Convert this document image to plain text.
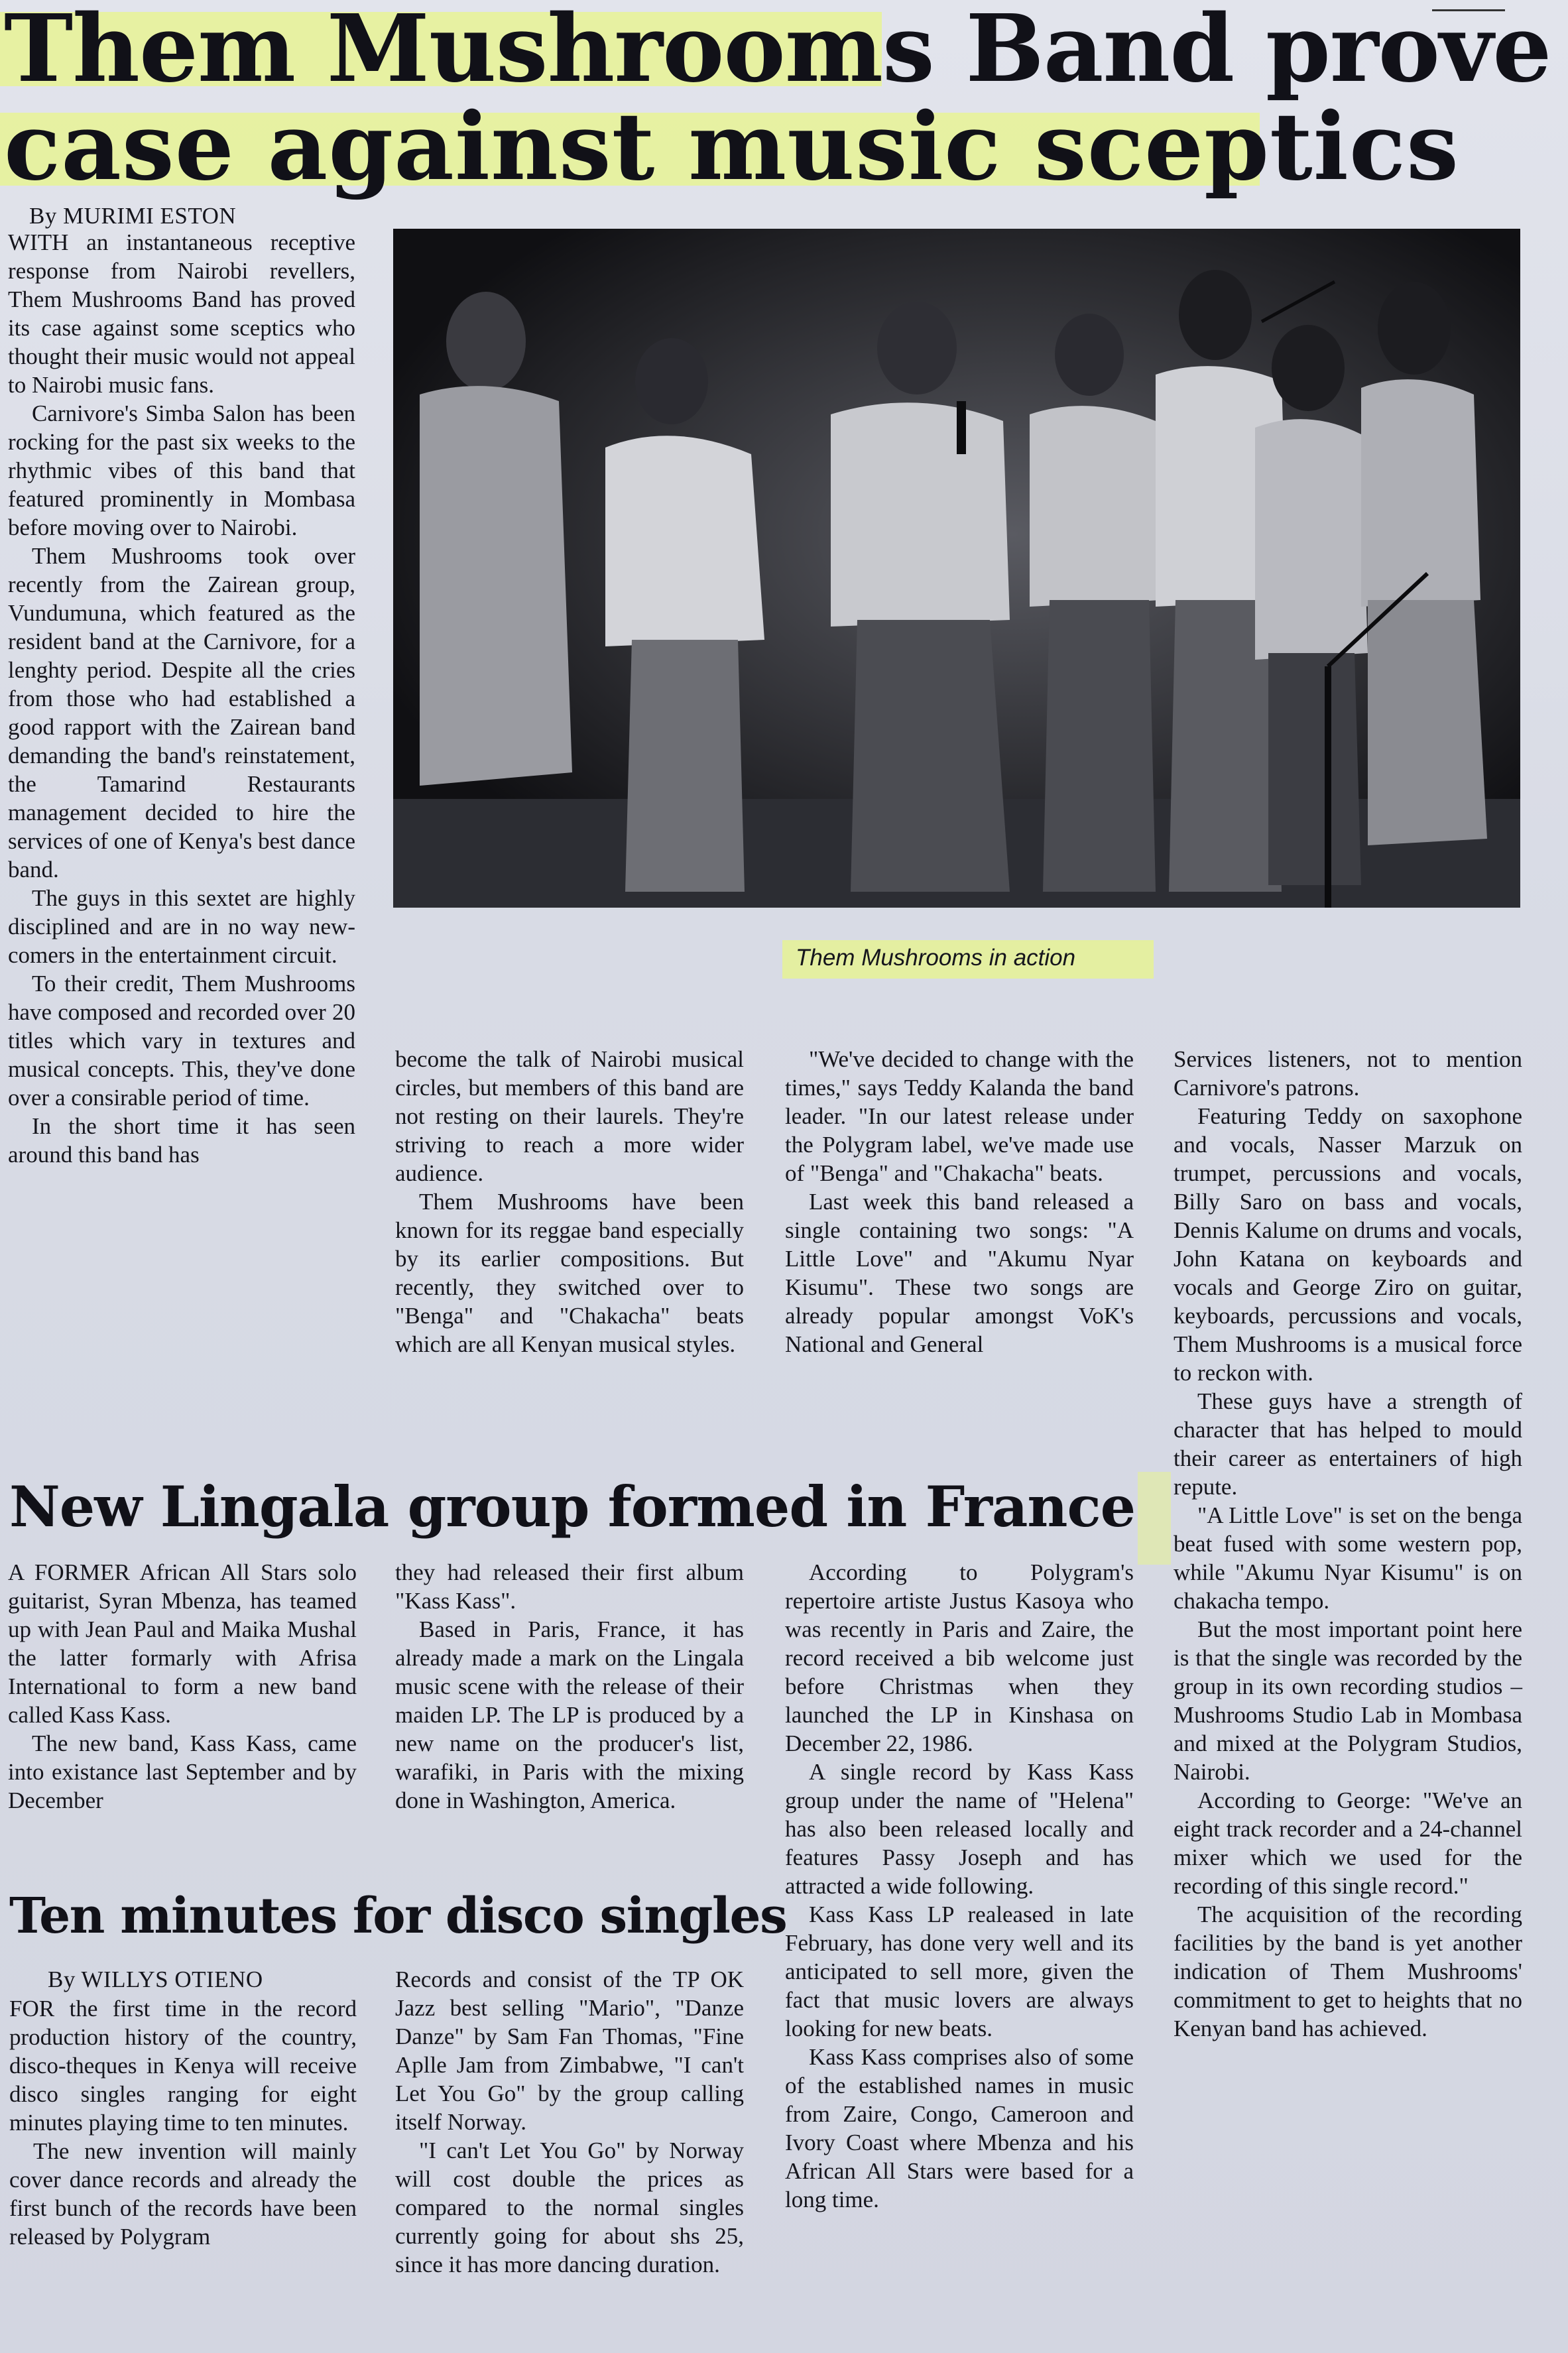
Them Mushrooms Band prove
case against music sceptics
By MURIMI ESTON

WITH an instantaneous receptive response from Nairobi revellers, Them Mushrooms Band has proved its case against some sceptics who thought their music would not appeal to Nairobi music fans.

Carnivore's Simba Salon has been rocking for the past six weeks to the rhythmic vibes of this band that featured prominently in Mombasa before moving over to Nairobi.

Them Mushrooms took over recently from the Zairean group, Vundumuna, which featured as the resident band at the Carnivore, for a lenghty period. Despite all the cries from those who had established a good rapport with the Zairean band demanding the band's reinstatement, the Tamarind Restaurants management decided to hire the services of one of Kenya's best dance band.

The guys in this sextet are highly disciplined and are in no way new-comers in the entertainment circuit.

To their credit, Them Mushrooms have composed and recorded over 20 titles which vary in textures and musical concepts. This, they've done over a consirable period of time.

In the short time it has seen around this band has

Them Mushrooms in action

become the talk of Nairobi musical circles, but members of this band are not resting on their laurels. They're striving to reach a more wider audience.

Them Mushrooms have been known for its reggae band especially by its earlier compositions. But recently, they switched over to "Benga" and "Chakacha" beats which are all Kenyan musical styles.

"We've decided to change with the times," says Teddy Kalanda the band leader. "In our latest release under the Polygram label, we've made use of "Benga" and "Chakacha" beats.

Last week this band released a single containing two songs: "A Little Love" and "Akumu Nyar Kisumu". These two songs are already popular amongst VoK's National and General

Services listeners, not to mention Carnivore's patrons.

Featuring Teddy on saxophone and vocals, Nasser Marzuk on trumpet, percussions and vocals, Billy Saro on bass and vocals, Dennis Kalume on drums and vocals, John Katana on keyboards and vocals and George Ziro on guitar, keyboards, percussions and vocals, Them Mushrooms is a musical force to reckon with.

These guys have a strength of character that has helped to mould their career as entertainers of high repute.

"A Little Love" is set on the benga beat fused with some western pop, while "Akumu Nyar Kisumu" is on chakacha tempo.

But the most important point here is that the single was recorded by the group in its own recording studios – Mushrooms Studio Lab in Mombasa and mixed at the Polygram Studios, Nairobi.

According to George: "We've an eight track recorder and a 24-channel mixer which we used for the recording of this single record."

The acquisition of the recording facilities by the band is yet another indication of Them Mushrooms' commitment to get to heights that no Kenyan band has achieved.

New Lingala group formed in France

A FORMER African All Stars solo guitarist, Syran Mbenza, has teamed up with Jean Paul and Maika Mushal the latter formarly with Afrisa International to form a new band called Kass Kass.

The new band, Kass Kass, came into existance last September and by December

they had released their first album "Kass Kass".

Based in Paris, France, it has already made a mark on the Lingala music scene with the release of their maiden LP. The LP is produced by a new name on the producer's list, warafiki, in Paris with the mixing done in Washington, America.

According to Polygram's repertoire artiste Justus Kasoya who was recently in Paris and Zaire, the record received a bib welcome just before Christmas when they launched the LP in Kinshasa on December 22, 1986.

A single record by Kass Kass group under the name of "Helena" has also been released locally and features Passy Joseph and has attracted a wide following.

Kass Kass LP realeased in late February, has done very well and its anticipated to sell more, given the fact that music lovers are always looking for new beats.

Kass Kass comprises also of some of the established names in music from Zaire, Congo, Cameroon and Ivory Coast where Mbenza and his African All Stars were based for a long time.

Ten minutes for disco singles
By WILLYS OTIENO

FOR the first time in the record production history of the country, disco-theques in Kenya will receive disco singles ranging for eight minutes playing time to ten minutes.

The new invention will mainly cover dance records and already the first bunch of the records have been released by Polygram

Records and consist of the TP OK Jazz best selling "Mario", "Danze Danze" by Sam Fan Thomas, "Fine Aplle Jam from Zimbabwe, "I can't Let You Go" by the group calling itself Norway.

"I can't Let You Go" by Norway will cost double the prices as compared to the normal singles currently going for about shs 25, since it has more dancing duration.
